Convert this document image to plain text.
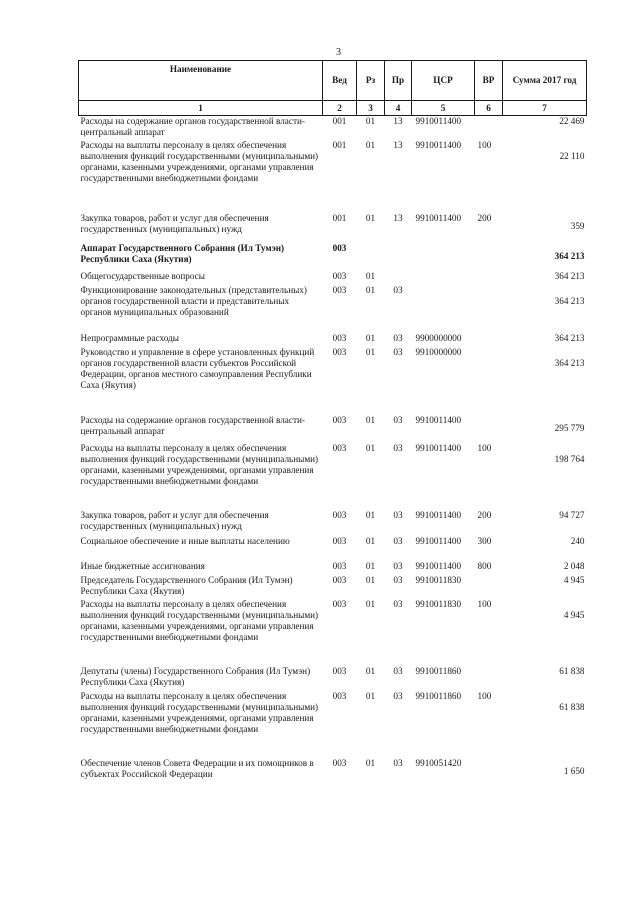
3
Наименование	Вед	Рз	Пр	ЦСР	ВР	Сумма 2017 год
1	2	3	4	5	6	7
Расходы на содержание органов государственной власти- центральный аппарат	001	01	13	9910011400		22 469
Расходы на выплаты персоналу в целях обеспечения выполнения функций государственными (муниципальными) органами, казенными учреждениями, органами управления государственными внебюджетными фондами	001	01	13	9910011400	100	22 110
Закупка товаров, работ и услуг для обеспечения государственных (муниципальных) нужд	001	01	13	9910011400	200	359
Аппарат Государственного Собрания (Ил Тумэн) Республики Саха (Якутия)	003					364 213
Общегосударственные вопросы	003	01				364 213
Функционирование законодательных (представительных) органов государственной власти и представительных органов муниципальных образований	003	01	03			364 213
Непрограммные расходы	003	01	03	9900000000		364 213
Руководство и управление в сфере установленных функций органов государственной власти субъектов Российской Федерации, органов местного самоуправления Республики Саха (Якутия)	003	01	03	9910000000		364 213
Расходы на содержание органов государственной власти- центральный аппарат	003	01	03	9910011400		295 779
Расходы на выплаты персоналу в целях обеспечения выполнения функций государственными (муниципальными) органами, казенными учреждениями, органами управления государственными внебюджетными фондами	003	01	03	9910011400	100	198 764
Закупка товаров, работ и услуг для обеспечения государственных (муниципальных) нужд	003	01	03	9910011400	200	94 727
Социальное обеспечение и иные выплаты населению	003	01	03	9910011400	300	240
Иные бюджетные ассигнования	003	01	03	9910011400	800	2 048
Председатель Государственного Собрания (Ил Тумэн) Республики Саха (Якутия)	003	01	03	9910011830		4 945
Расходы на выплаты персоналу в целях обеспечения выполнения функций государственными (муниципальными) органами, казенными учреждениями, органами управления государственными внебюджетными фондами	003	01	03	9910011830	100	4 945
Депутаты (члены) Государственного Собрания (Ил Тумэн) Республики Саха (Якутия)	003	01	03	9910011860		61 838
Расходы на выплаты персоналу в целях обеспечения выполнения функций государственными (муниципальными) органами, казенными учреждениями, органами управления государственными внебюджетными фондами	003	01	03	9910011860	100	61 838
Обеспечение членов Совета Федерации и их помощников в субъектах Российской Федерации	003	01	03	9910051420		1 650
